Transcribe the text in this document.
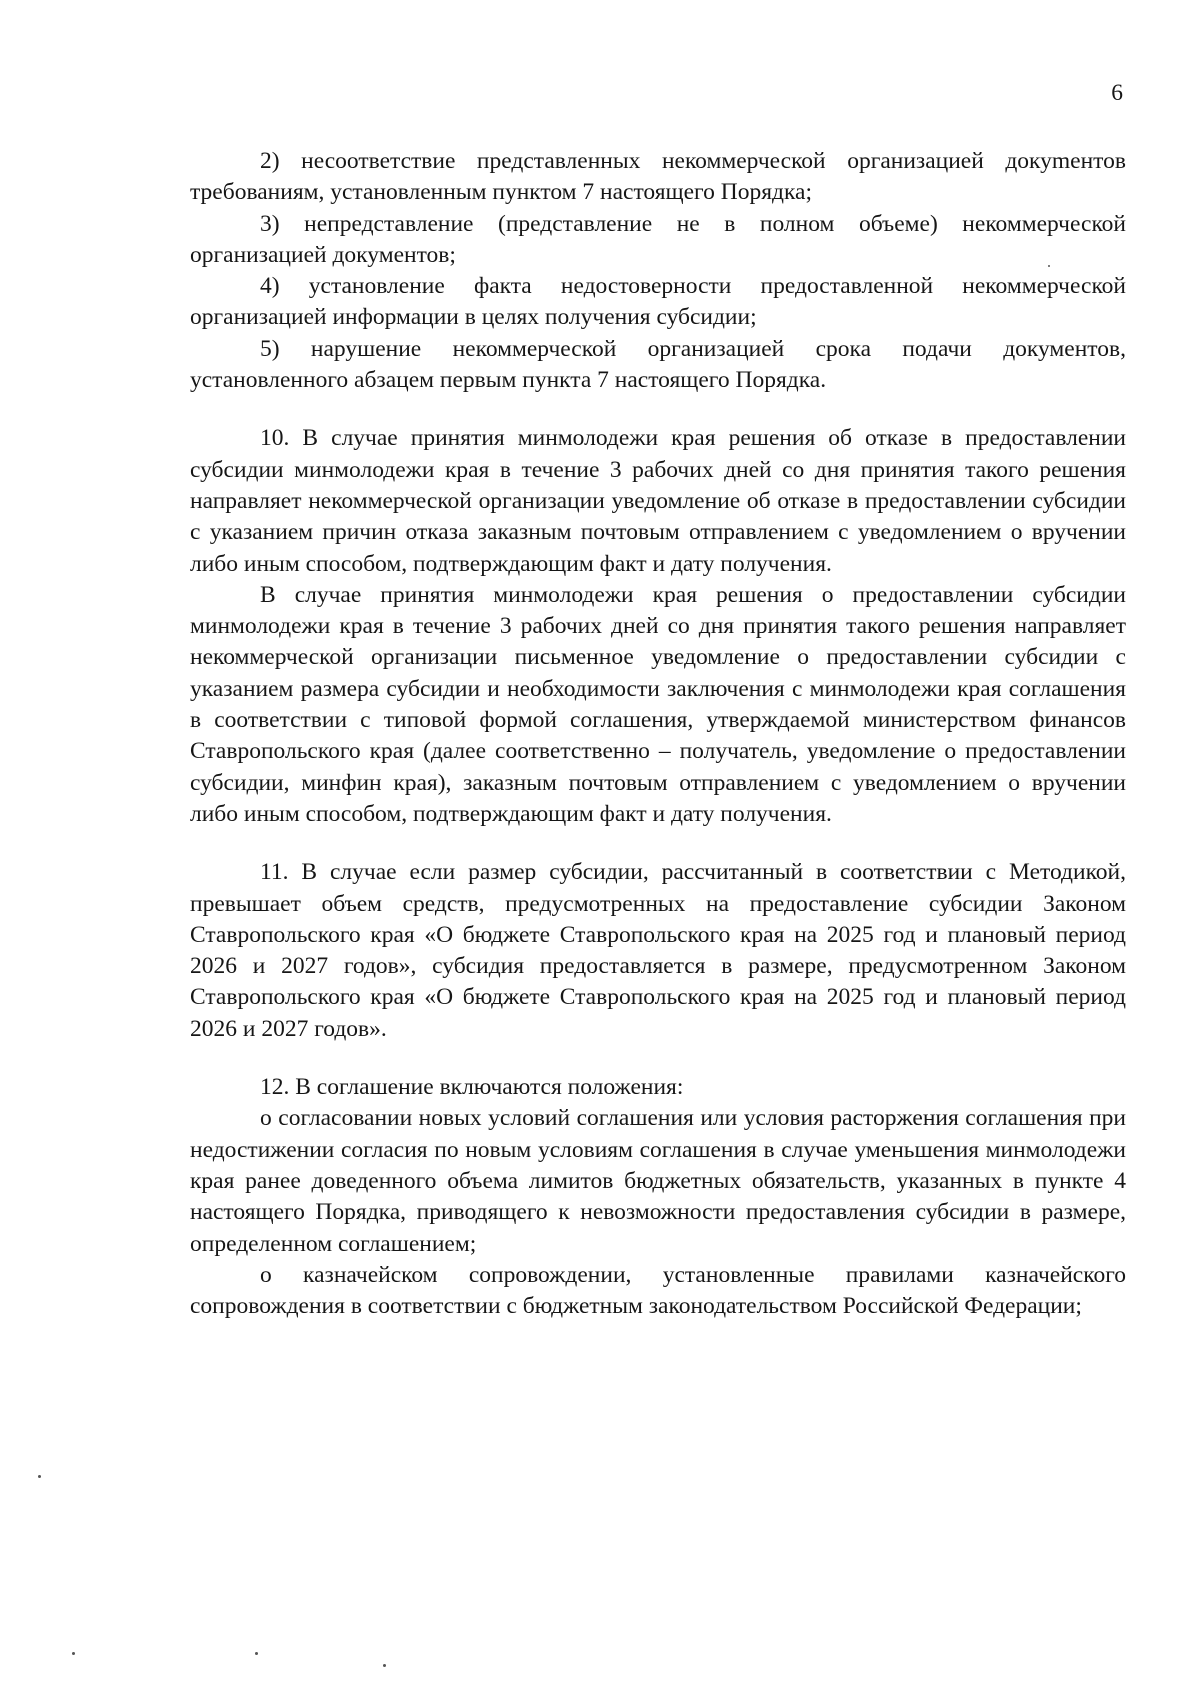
6

2) несоответствие представленных некоммерческой организацией докуmентов требованиям, установленным пунктом 7 настоящего Порядка;

3) непредставление (представление не в полном объеме) некоммерческой организацией документов;

4) установление факта недостоверности предоставленной некоммерческой организацией информации в целях получения субсидии;

5) нарушение некоммерческой организацией срока подачи документов, установленного абзацем первым пункта 7 настоящего Порядка.

10. В случае принятия минмолодежи края решения об отказе в предоставлении субсидии минмолодежи края в течение 3 рабочих дней со дня принятия такого решения направляет некоммерческой организации уведомление об отказе в предоставлении субсидии с указанием причин отказа заказным почтовым отправлением с уведомлением о вручении либо иным способом, подтверждающим факт и дату получения.

В случае принятия минмолодежи края решения о предоставлении субсидии минмолодежи края в течение 3 рабочих дней со дня принятия такого решения направляет некоммерческой организации письменное уведомление о предоставлении субсидии с указанием размера субсидии и необходимости заключения с минмолодежи края соглашения в соответствии с типовой формой соглашения, утверждаемой министерством финансов Ставропольского края (далее соответственно – получатель, уведомление о предоставлении субсидии, минфин края), заказным почтовым отправлением с уведомлением о вручении либо иным способом, подтверждающим факт и дату получения.

11. В случае если размер субсидии, рассчитанный в соответствии с Методикой, превышает объем средств, предусмотренных на предоставление субсидии Законом Ставропольского края «О бюджете Ставропольского края на 2025 год и плановый период 2026 и 2027 годов», субсидия предоставляется в размере, предусмотренном Законом Ставропольского края «О бюджете Ставропольского края на 2025 год и плановый период 2026 и 2027 годов».

12. В соглашение включаются положения:

о согласовании новых условий соглашения или условия расторжения соглашения при недостижении согласия по новым условиям соглашения в случае уменьшения минмолодежи края ранее доведенного объема лимитов бюджетных обязательств, указанных в пункте 4 настоящего Порядка, приводящего к невозможности предоставления субсидии в размере, определенном соглашением;

о казначейском сопровождении, установленные правилами казначейского сопровождения в соответствии с бюджетным законодательством Российской Федерации;
